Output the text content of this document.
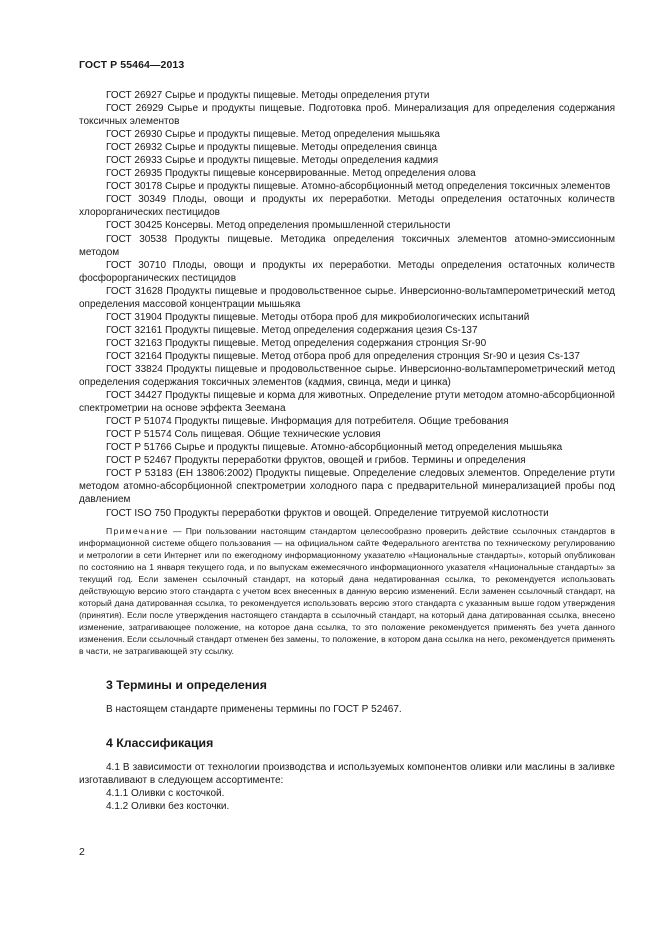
ГОСТ Р 55464—2013

ГОСТ 26927 Сырье и продукты пищевые. Методы определения ртути

ГОСТ 26929 Сырье и продукты пищевые. Подготовка проб. Минерализация для определения содержания токсичных элементов

ГОСТ 26930 Сырье и продукты пищевые. Метод определения мышьяка

ГОСТ 26932 Сырье и продукты пищевые. Методы определения свинца

ГОСТ 26933 Сырье и продукты пищевые. Методы определения кадмия

ГОСТ 26935 Продукты пищевые консервированные. Метод определения олова

ГОСТ 30178 Сырье и продукты пищевые. Атомно-абсорбционный метод определения токсичных элементов

ГОСТ 30349 Плоды, овощи и продукты их переработки. Методы определения остаточных количеств хлорорганических пестицидов

ГОСТ 30425 Консервы. Метод определения промышленной стерильности

ГОСТ 30538 Продукты пищевые. Методика определения токсичных элементов атомно-эмиссионным методом

ГОСТ 30710 Плоды, овощи и продукты их переработки. Методы определения остаточных количеств фосфорорганических пестицидов

ГОСТ 31628 Продукты пищевые и продовольственное сырье. Инверсионно-вольтамперометрический метод определения массовой концентрации мышьяка

ГОСТ 31904 Продукты пищевые. Методы отбора проб для микробиологических испытаний

ГОСТ 32161 Продукты пищевые. Метод определения содержания цезия Cs-137

ГОСТ 32163 Продукты пищевые. Метод определения содержания стронция Sr-90

ГОСТ 32164 Продукты пищевые. Метод отбора проб для определения стронция Sr-90 и цезия Cs-137

ГОСТ 33824 Продукты пищевые и продовольственное сырье. Инверсионно-вольтамперометрический метод определения содержания токсичных элементов (кадмия, свинца, меди и цинка)

ГОСТ 34427 Продукты пищевые и корма для животных. Определение ртути методом атомно-абсорбционной спектрометрии на основе эффекта Зеемана

ГОСТ Р 51074 Продукты пищевые. Информация для потребителя. Общие требования

ГОСТ Р 51574 Соль пищевая. Общие технические условия

ГОСТ Р 51766 Сырье и продукты пищевые. Атомно-абсорбционный метод определения мышьяка

ГОСТ Р 52467 Продукты переработки фруктов, овощей и грибов. Термины и определения

ГОСТ Р 53183 (ЕН 13806:2002) Продукты пищевые. Определение следовых элементов. Определение ртути методом атомно-абсорбционной спектрометрии холодного пара с предварительной минерализацией пробы под давлением

ГОСТ ISO 750 Продукты переработки фруктов и овощей. Определение титруемой кислотности

Примечание — При пользовании настоящим стандартом целесообразно проверить действие ссылочных стандартов в информационной системе общего пользования — на официальном сайте Федерального агентства по техническому регулированию и метрологии в сети Интернет или по ежегодному информационному указателю «Национальные стандарты», который опубликован по состоянию на 1 января текущего года, и по выпускам ежемесячного информационного указателя «Национальные стандарты» за текущий год. Если заменен ссылочный стандарт, на который дана недатированная ссылка, то рекомендуется использовать действующую версию этого стандарта с учетом всех внесенных в данную версию изменений. Если заменен ссылочный стандарт, на который дана датированная ссылка, то рекомендуется использовать версию этого стандарта с указанным выше годом утверждения (принятия). Если после утверждения настоящего стандарта в ссылочный стандарт, на который дана датированная ссылка, внесено изменение, затрагивающее положение, на которое дана ссылка, то это положение рекомендуется применять без учета данного изменения. Если ссылочный стандарт отменен без замены, то положение, в котором дана ссылка на него, рекомендуется применять в части, не затрагивающей эту ссылку.

3 Термины и определения

В настоящем стандарте применены термины по ГОСТ Р 52467.

4 Классификация

4.1 В зависимости от технологии производства и используемых компонентов оливки или маслины в заливке изготавливают в следующем ассортименте:

4.1.1 Оливки с косточкой.

4.1.2 Оливки без косточки.

2
